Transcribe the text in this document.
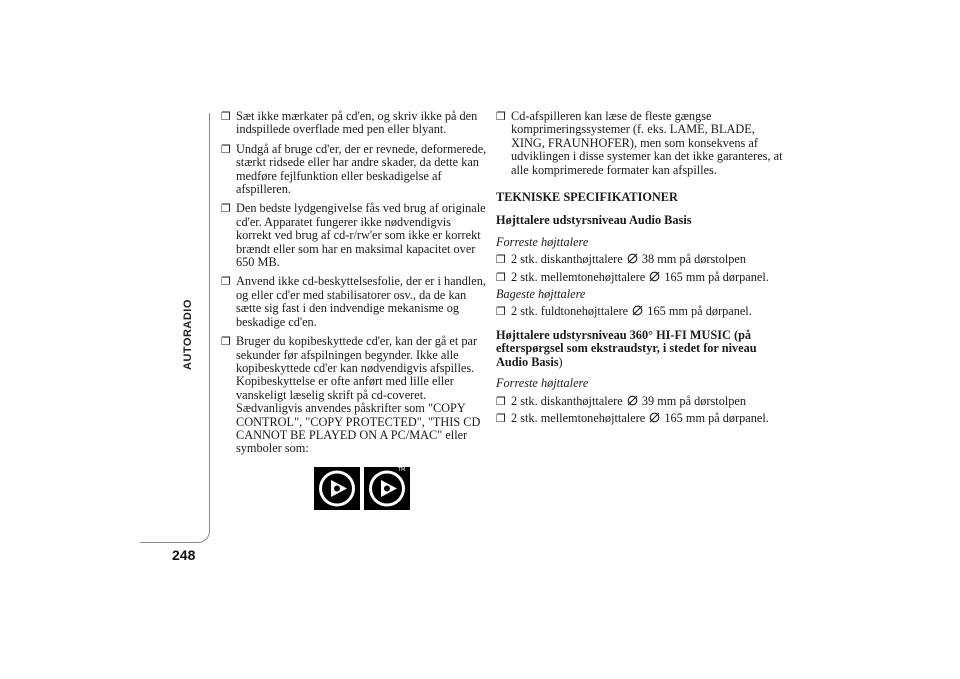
AUTORADIO
248
❐ Sæt ikke mærkater på cd'en, og skriv ikke på den indspillede overflade med pen eller blyant.
❐ Undgå af bruge cd'er, der er revnede, deformerede, stærkt ridsede eller har andre skader, da dette kan medføre fejlfunktion eller beskadigelse af afspilleren.
❐ Den bedste lydgengivelse fås ved brug af originale cd'er. Apparatet fungerer ikke nødvendigvis korrekt ved brug af cd-r/rw'er som ikke er korrekt brændt eller som har en maksimal kapacitet over 650 MB.
❐ Anvend ikke cd-beskyttelsesfolie, der er i handlen, og eller cd'er med stabilisatorer osv., da de kan sætte sig fast i den indvendige mekanisme og beskadige cd'en.
❐ Bruger du kopibeskyttede cd'er, kan der gå et par sekunder før afspilningen begynder. Ikke alle kopibeskyttede cd'er kan nødvendigvis afspilles. Kopibeskyttelse er ofte anført med lille eller vanskeligt læselig skrift på cd-coveret. Sædvanligvis anvendes påskrifter som "COPY CONTROL", "COPY PROTECTED", "THIS CD CANNOT BE PLAYED ON A PC/MAC" eller symboler som:
TM	TM
❐ Cd-afspilleren kan læse de fleste gængse komprimeringssystemer (f. eks. LAME, BLADE, XING, FRAUNHOFER), men som konsekvens af udviklingen i disse systemer kan det ikke garanteres, at alle komprimerede formater kan afspilles.
TEKNISKE SPECIFIKATIONER
Højttalere udstyrsniveau Audio Basis
Forreste højttalere
❐ 2 stk. diskanthøjttalere 38 mm på dørstolpen
❐ 2 stk. mellemtonehøjttalere 165 mm på dørpanel.
Bageste højttalere
❐ 2 stk. fuldtonehøjttalere 165 mm på dørpanel.
Højttalere udstyrsniveau 360° HI-FI MUSIC (på efterspørgsel som ekstraudstyr, i stedet for niveau Audio Basis)
Forreste højttalere
❐ 2 stk. diskanthøjttalere 39 mm på dørstolpen
❐ 2 stk. mellemtonehøjttalere 165 mm på dørpanel.
